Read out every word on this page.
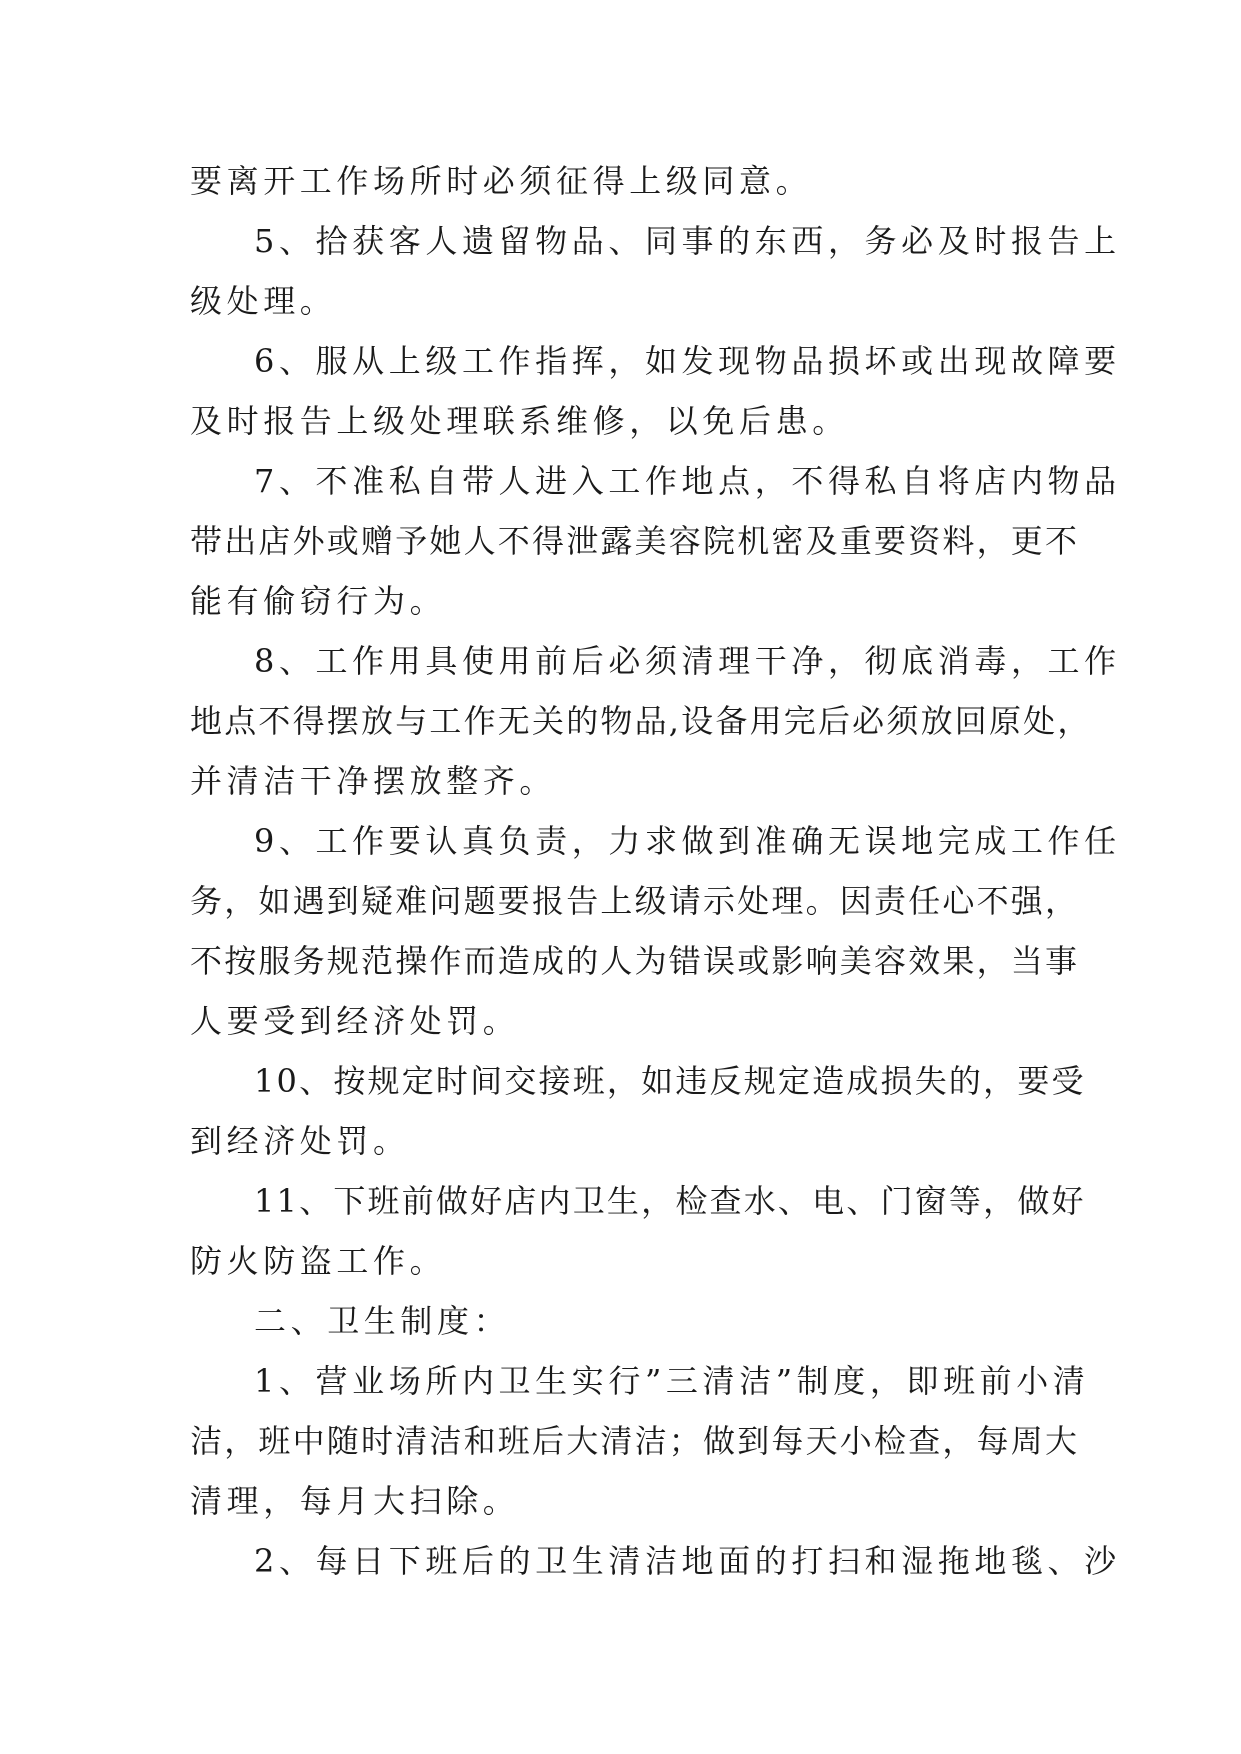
要离开工作场所时必须征得上级同意。
5、拾获客人遗留物品、同事的东西，务必及时报告上
级处理。
6、服从上级工作指挥，如发现物品损坏或出现故障要
及时报告上级处理联系维修，以免后患。
7、不准私自带人进入工作地点，不得私自将店内物品
带出店外或赠予她人不得泄露美容院机密及重要资料，更不
能有偷窃行为。
8、工作用具使用前后必须清理干净，彻底消毒，工作
地点不得摆放与工作无关的物品,设备用完后必须放回原处，
并清洁干净摆放整齐。
9、工作要认真负责，力求做到准确无误地完成工作任
务，如遇到疑难问题要报告上级请示处理。因责任心不强，
不按服务规范操作而造成的人为错误或影响美容效果，当事
人要受到经济处罚。
10、按规定时间交接班，如违反规定造成损失的，要受
到经济处罚。
11、下班前做好店内卫生，检查水、电、门窗等，做好
防火防盗工作。
二、卫生制度：
1、营业场所内卫生实行”三清洁”制度，即班前小清
洁，班中随时清洁和班后大清洁；做到每天小检查，每周大
清理，每月大扫除。
2、每日下班后的卫生清洁地面的打扫和湿拖地毯、沙
